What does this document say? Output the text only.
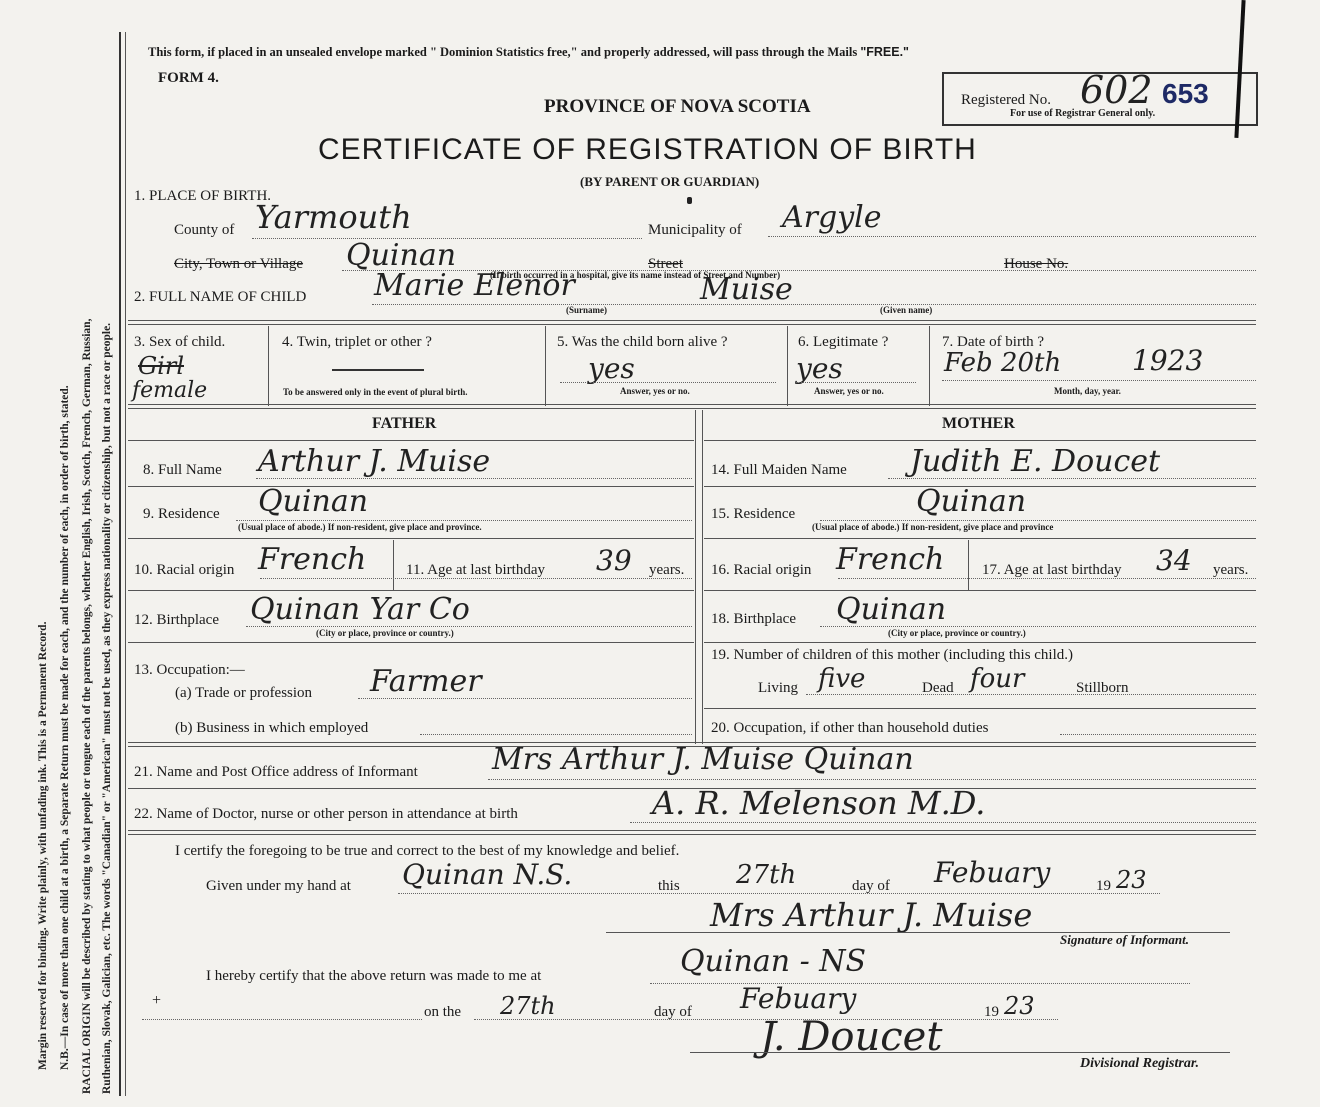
Margin reserved for binding. Write plainly, with unfading ink. This is a Permanent Record. N.B.—In case of more than one child at a birth, a Separate Return must be made for each, and the number of each, in order of birth, stated. RACIAL ORIGIN will be described by stating to what people or tongue each of the parents belongs, whether English, Irish, Scotch, French, German, Russian, Ruthenian, Slovak, Galician, etc. The words "Canadian" or "American" must not be used, as they express nationality or citizenship, but not a race or people.
This form, if placed in an unsealed envelope marked " Dominion Statistics free," and properly addressed, will pass through the Mails "FREE."
FORM 4.
PROVINCE OF NOVA SCOTIA
CERTIFICATE OF REGISTRATION OF BIRTH
(BY PARENT OR GUARDIAN)
Registered No. 602 653
For use of Registrar General only.
1. PLACE OF BIRTH.
County of Yarmouth	Municipality of Argyle
City, Town or Village Quinan	Street	House No.
(If birth occurred in a hospital, give its name instead of Street and Number)
2. FULL NAME OF CHILD Marie Elenor	Muise
(Surname)	(Given name)
3. Sex of child.
Girl
female
4. Twin, triplet or other ?
To be answered only in the event of plural birth.
5. Was the child born alive ?
yes
Answer, yes or no.
6. Legitimate ?
yes
Answer, yes or no.
7. Date of birth ?
Feb 20th	1923
Month, day, year.
FATHER	MOTHER
8. Full Name Arthur J. Muise
9. Residence Quinan
(Usual place of abode.) If non-resident, give place and province.
10. Racial origin French	11. Age at last birthday 39 years.
12. Birthplace Quinan Yar Co
(City or place, province or country.)
13. Occupation:—
(a) Trade or profession Farmer
(b) Business in which employed
14. Full Maiden Name Judith E. Doucet
15. Residence	Quinan
(Usual place of abode.) If non-resident, give place and province
16. Racial origin French	17. Age at last birthday 34 years.
18. Birthplace Quinan
(City or place, province or country.)
19. Number of children of this mother (including this child.)
Living five	Dead four	Stillborn
20. Occupation, if other than household duties
21. Name and Post Office address of Informant Mrs Arthur J. Muise Quinan
22. Name of Doctor, nurse or other person in attendance at birth	A. R. Melenson M.D.
I certify the foregoing to be true and correct to the best of my knowledge and belief.
Given under my hand at Quinan N.S.	this 27th	day of Febuary	19 23
Mrs Arthur J. Muise
Signature of Informant.
I hereby certify that the above return was made to me at	Quinan - NS
+
on the 27th	day of Febuary	19 23
J. Doucet
Divisional Registrar.
